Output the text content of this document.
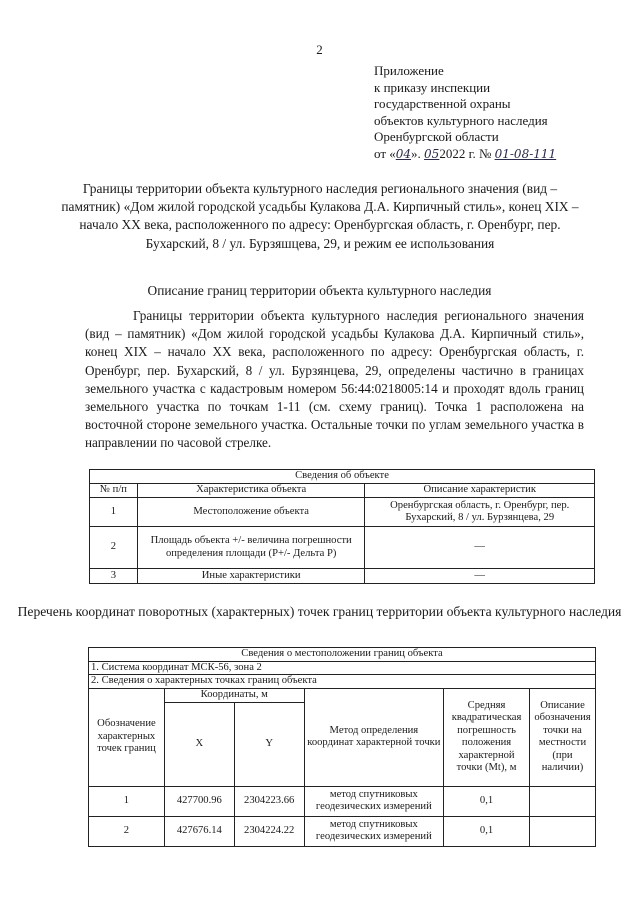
2
Приложение
к приказу инспекции
государственной охраны
объектов культурного наследия
Оренбургской области
от «04». 052022 г. № 01-08-111
Границы территории объекта культурного наследия регионального значения (вид – памятник) «Дом жилой городской усадьбы Кулакова Д.А. Кирпичный стиль», конец XIX – начало XX века, расположенного по адресу: Оренбургская область, г. Оренбург, пер. Бухарский, 8 / ул. Бурзяшцева, 29, и режим ее использования
Описание границ территории объекта культурного наследия
Границы территории объекта культурного наследия регионального значения (вид – памятник) «Дом жилой городской усадьбы Кулакова Д.А. Кирпичный стиль», конец XIX – начало XX века, расположенного по адресу: Оренбургская область, г. Оренбург, пер. Бухарский, 8 / ул. Бурзянцева, 29, определены частично в границах земельного участка с кадастровым номером 56:44:0218005:14 и проходят вдоль границ земельного участка по точкам 1-11 (см. схему границ). Точка 1 расположена на восточной стороне земельного участка. Остальные точки по углам земельного участка в направлении по часовой стрелке.
Сведения об объекте		
№ п/п	Характеристика объекта	Описание характеристик
1	Местоположение объекта	Оренбургская область, г. Оренбург, пер. Бухарский, 8 / ул. Бурзянцева, 29
2	Площадь объекта +/- величина погрешности определения площади (Р+/- Дельта Р)	—
3	Иные характеристики	—
Перечень координат поворотных (характерных) точек границ территории объекта культурного наследия
Сведения о местоположении границ объекта					
1. Система координат МСК-56, зона 2					
2. Сведения о характерных точках границ объекта					
Обозначение характерных точек границ	Координаты, м		Метод определения координат характерной точки	Средняя квадратическая погрешность положения характерной точки (Mt), м	Описание обозначения точки на местности (при наличии)
	X	Y			
1	427700.96	2304223.66	метод спутниковых геодезических измерений	0,1	
2	427676.14	2304224.22	метод спутниковых геодезических измерений	0,1	
